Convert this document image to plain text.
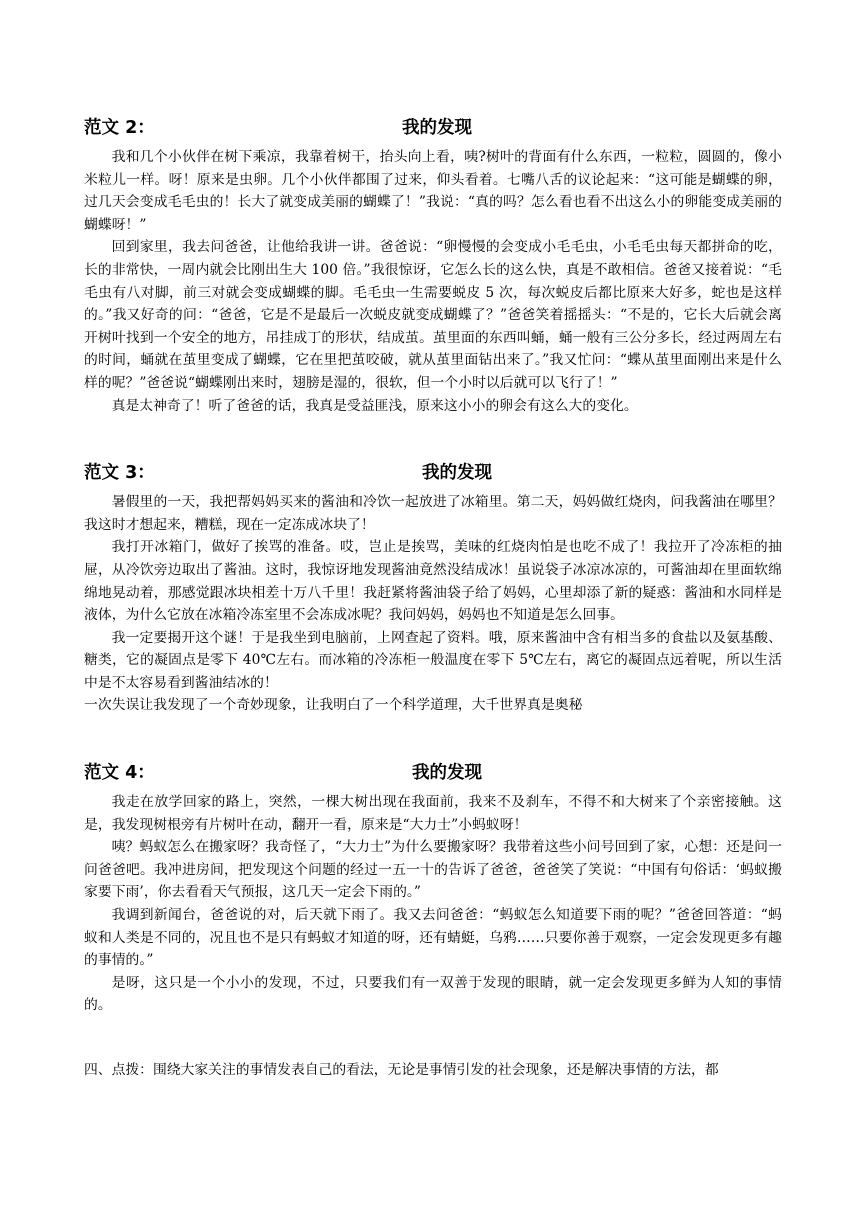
范文 2：	我的发现

我和几个小伙伴在树下乘凉，我靠着树干，抬头向上看，咦?树叶的背面有什么东西，一粒粒，圆圆的，像小米粒儿一样。呀！原来是虫卵。几个小伙伴都围了过来，仰头看着。七嘴八舌的议论起来：“这可能是蝴蝶的卵，过几天会变成毛毛虫的！长大了就变成美丽的蝴蝶了！”我说：“真的吗？怎么看也看不出这么小的卵能变成美丽的蝴蝶呀！”

回到家里，我去问爸爸，让他给我讲一讲。爸爸说：“卵慢慢的会变成小毛毛虫，小毛毛虫每天都拼命的吃，长的非常快，一周内就会比刚出生大 100 倍。”我很惊讶，它怎么长的这么快，真是不敢相信。爸爸又接着说：“毛毛虫有八对脚，前三对就会变成蝴蝶的脚。毛毛虫一生需要蜕皮 5 次，每次蜕皮后都比原来大好多，蛇也是这样的。”我又好奇的问：“爸爸，它是不是最后一次蜕皮就变成蝴蝶了？”爸爸笑着摇摇头：“不是的，它长大后就会离开树叶找到一个安全的地方，吊挂成丁的形状，结成茧。茧里面的东西叫蛹，蛹一般有三公分多长，经过两周左右的时间，蛹就在茧里变成了蝴蝶，它在里把茧咬破，就从茧里面钻出来了。”我又忙问：“蝶从茧里面刚出来是什么样的呢？”爸爸说“蝴蝶刚出来时，翅膀是湿的，很软，但一个小时以后就可以飞行了！”

真是太神奇了！听了爸爸的话，我真是受益匪浅，原来这小小的卵会有这么大的变化。

范文 3：	我的发现

暑假里的一天，我把帮妈妈买来的酱油和冷饮一起放进了冰箱里。第二天，妈妈做红烧肉，问我酱油在哪里？我这时才想起来，糟糕，现在一定冻成冰块了！

我打开冰箱门，做好了挨骂的准备。哎，岂止是挨骂，美味的红烧肉怕是也吃不成了！我拉开了冷冻柜的抽屉，从冷饮旁边取出了酱油。这时，我惊讶地发现酱油竟然没结成冰！虽说袋子冰凉冰凉的，可酱油却在里面软绵绵地晃动着，那感觉跟冰块相差十万八千里！我赶紧将酱油袋子给了妈妈，心里却添了新的疑惑：酱油和水同样是液体，为什么它放在冰箱冷冻室里不会冻成冰呢？我问妈妈，妈妈也不知道是怎么回事。

我一定要揭开这个谜！于是我坐到电脑前，上网查起了资料。哦，原来酱油中含有相当多的食盐以及氨基酸、糖类，它的凝固点是零下 40℃左右。而冰箱的冷冻柜一般温度在零下 5℃左右，离它的凝固点远着呢，所以生活中是不太容易看到酱油结冰的！

一次失误让我发现了一个奇妙现象，让我明白了一个科学道理，大千世界真是奥秘

范文 4：	我的发现

我走在放学回家的路上，突然，一棵大树出现在我面前，我来不及刹车，不得不和大树来了个亲密接触。这是，我发现树根旁有片树叶在动，翻开一看，原来是“大力士”小蚂蚁呀！

咦？蚂蚁怎么在搬家呀？我奇怪了，“大力士”为什么要搬家呀？我带着这些小问号回到了家，心想：还是问一问爸爸吧。我冲进房间，把发现这个问题的经过一五一十的告诉了爸爸，爸爸笑了笑说：“中国有句俗话：‘蚂蚁搬家要下雨’，你去看看天气预报，这几天一定会下雨的。”

我调到新闻台，爸爸说的对，后天就下雨了。我又去问爸爸：“蚂蚁怎么知道要下雨的呢？”爸爸回答道：“蚂蚁和人类是不同的，况且也不是只有蚂蚁才知道的呀，还有蜻蜓，乌鸦……只要你善于观察，一定会发现更多有趣的事情的。”

是呀，这只是一个小小的发现，不过，只要我们有一双善于发现的眼睛，就一定会发现更多鲜为人知的事情的。

四、点拨：围绕大家关注的事情发表自己的看法，无论是事情引发的社会现象，还是解决事情的方法，都
